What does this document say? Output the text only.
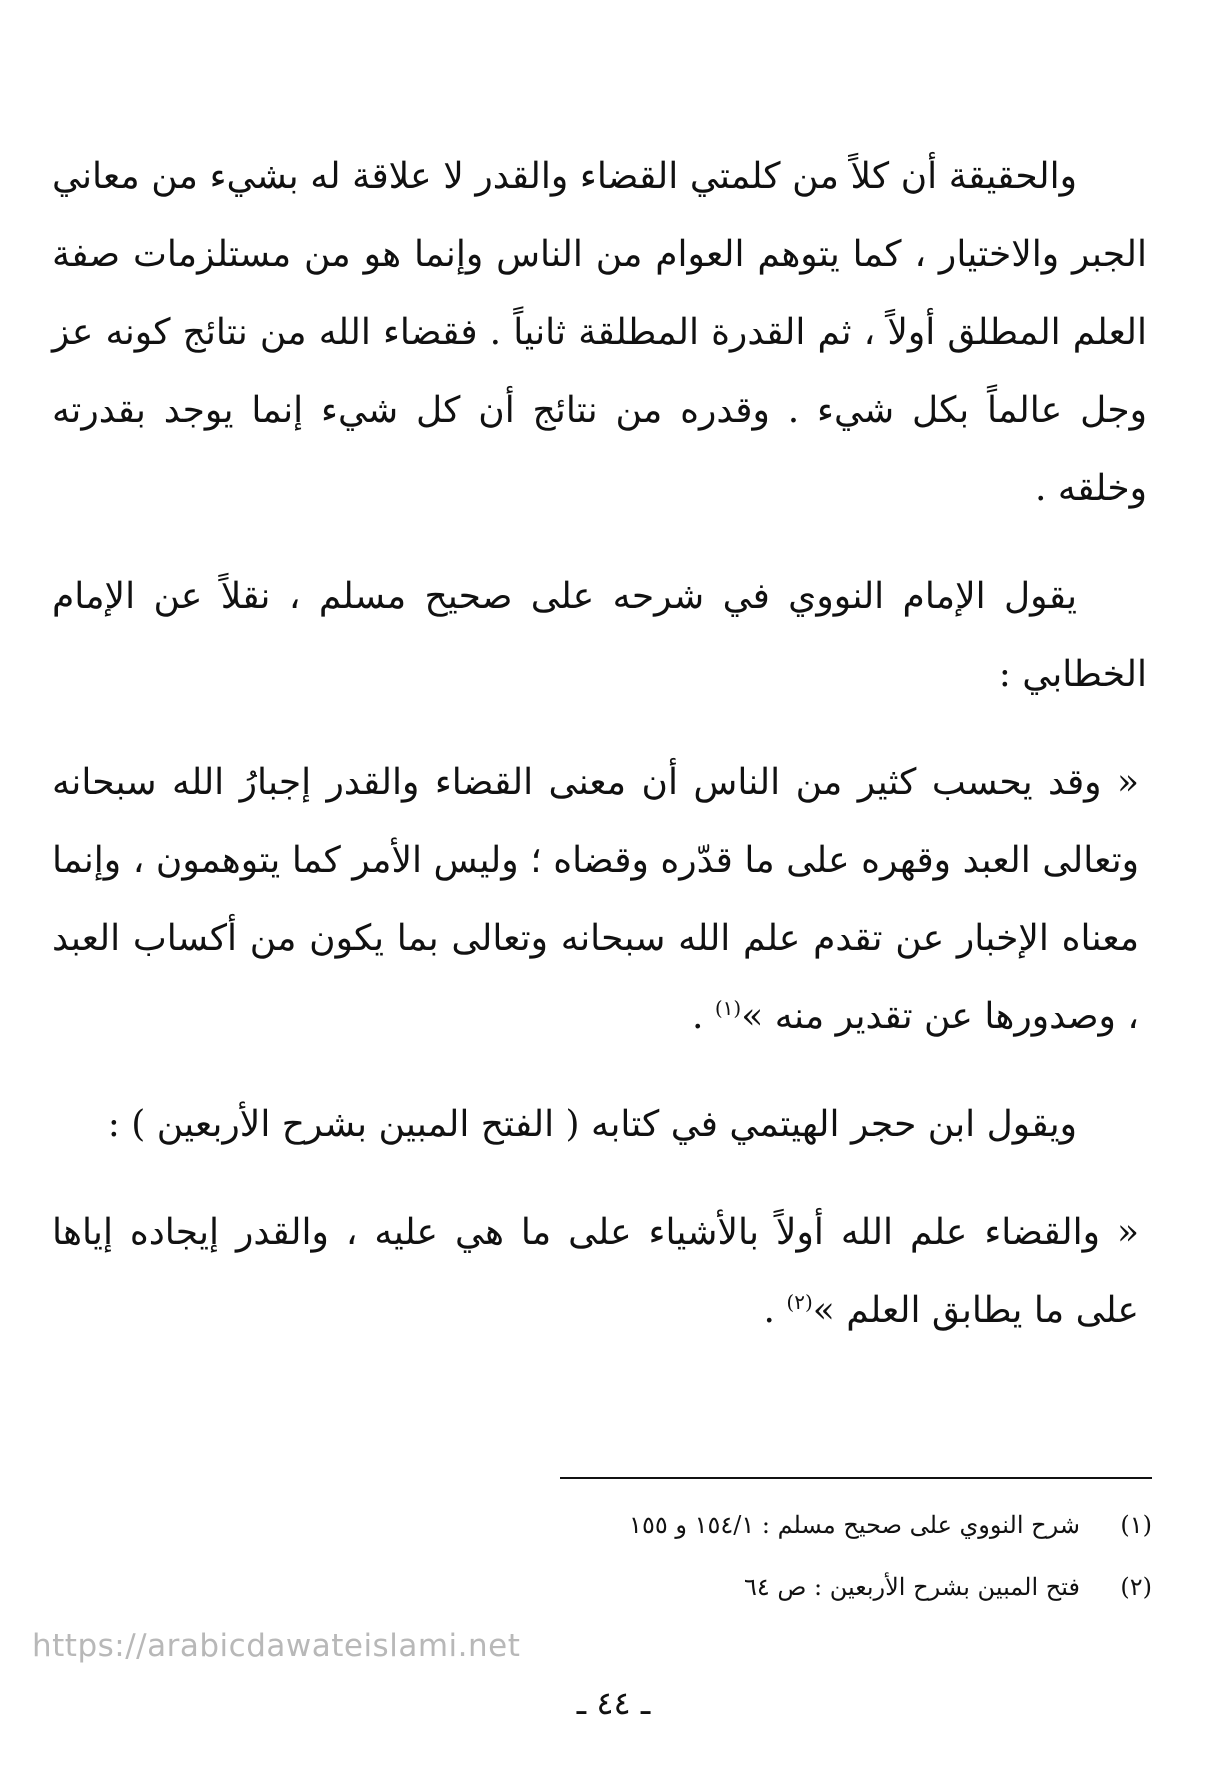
والحقيقة أن كلاً من كلمتي القضاء والقدر لا علاقة له بشيء من معاني الجبر والاختيار ، كما يتوهم العوام من الناس وإنما هو من مستلزمات صفة العلم المطلق أولاً ، ثم القدرة المطلقة ثانياً . فقضاء الله من نتائج كونه عز وجل عالماً بكل شيء . وقدره من نتائج أن كل شيء إنما يوجد بقدرته وخلقه .

يقول الإمام النووي في شرحه على صحيح مسلم ، نقلاً عن الإمام الخطابي :

« وقد يحسب كثير من الناس أن معنى القضاء والقدر إجبارُ الله سبحانه وتعالى العبد وقهره على ما قدّره وقضاه ؛ وليس الأمر كما يتوهمون ، وإنما معناه الإخبار عن تقدم علم الله سبحانه وتعالى بما يكون من أكساب العبد ، وصدورها عن تقدير منه »$^{(١)}$ .

ويقول ابن حجر الهيتمي في كتابه ( الفتح المبين بشرح الأربعين ) :

« والقضاء علم الله أولاً بالأشياء على ما هي عليه ، والقدر إيجاده إياها على ما يطابق العلم »$^{(٢)}$ .

(١)
شرح النووي على صحيح مسلم : ١٥٤/١ و ١٥٥
(٢)
فتح المبين بشرح الأربعين : ص ٦٤
https://arabicdawateislami.net
ـ ٤٤ ـ
